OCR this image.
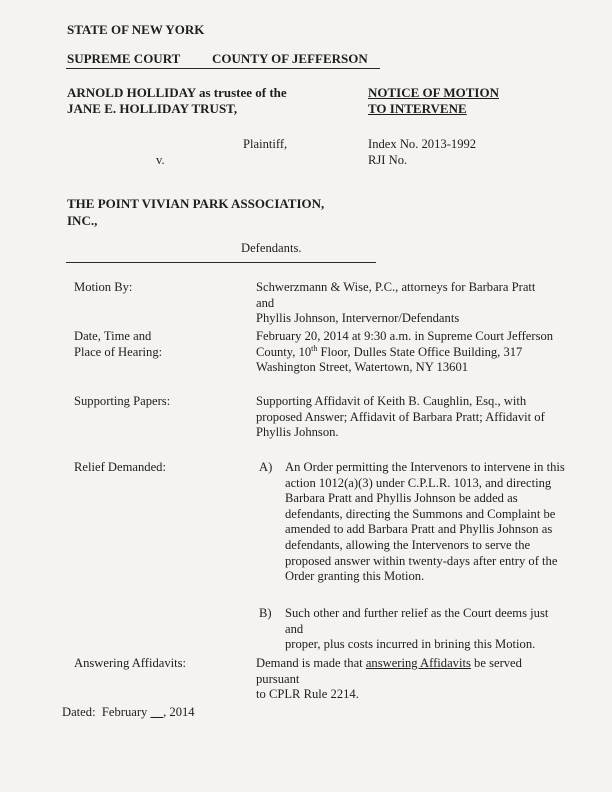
STATE OF NEW YORK
SUPREME COURT COUNTY OF JEFFERSON
ARNOLD HOLLIDAY as trustee of the
JANE E. HOLLIDAY TRUST,
Plaintiff,
v.
THE POINT VIVIAN PARK ASSOCIATION,
INC.,
Defendants.
NOTICE OF MOTION
TO INTERVENE
Index No. 2013-1992
RJI No.
Motion By:	Schwerzmann & Wise, P.C., attorneys for Barbara Pratt and
Phyllis Johnson, Intervernor/Defendants
Date, Time and
Place of Hearing:
February 20, 2014 at 9:30 a.m. in Supreme Court Jefferson
County, 10th Floor, Dulles State Office Building, 317
Washington Street, Watertown, NY 13601
Supporting Papers:	Supporting Affidavit of Keith B. Caughlin, Esq., with
proposed Answer; Affidavit of Barbara Pratt; Affidavit of
Phyllis Johnson.
Relief Demanded:	A) An Order permitting the Intervenors to intervene in this
action 1012(a)(3) under C.P.L.R. 1013, and directing
Barbara Pratt and Phyllis Johnson be added as
defendants, directing the Summons and Complaint be
amended to add Barbara Pratt and Phyllis Johnson as
defendants, allowing the Intervenors to serve the
proposed answer within twenty-days after entry of the
Order granting this Motion.
B) Such other and further relief as the Court deems just and
proper, plus costs incurred in brining this Motion.
Answering Affidavits:	Demand is made that answering Affidavits be served pursuant
to CPLR Rule 2214.
Dated: February __, 2014
